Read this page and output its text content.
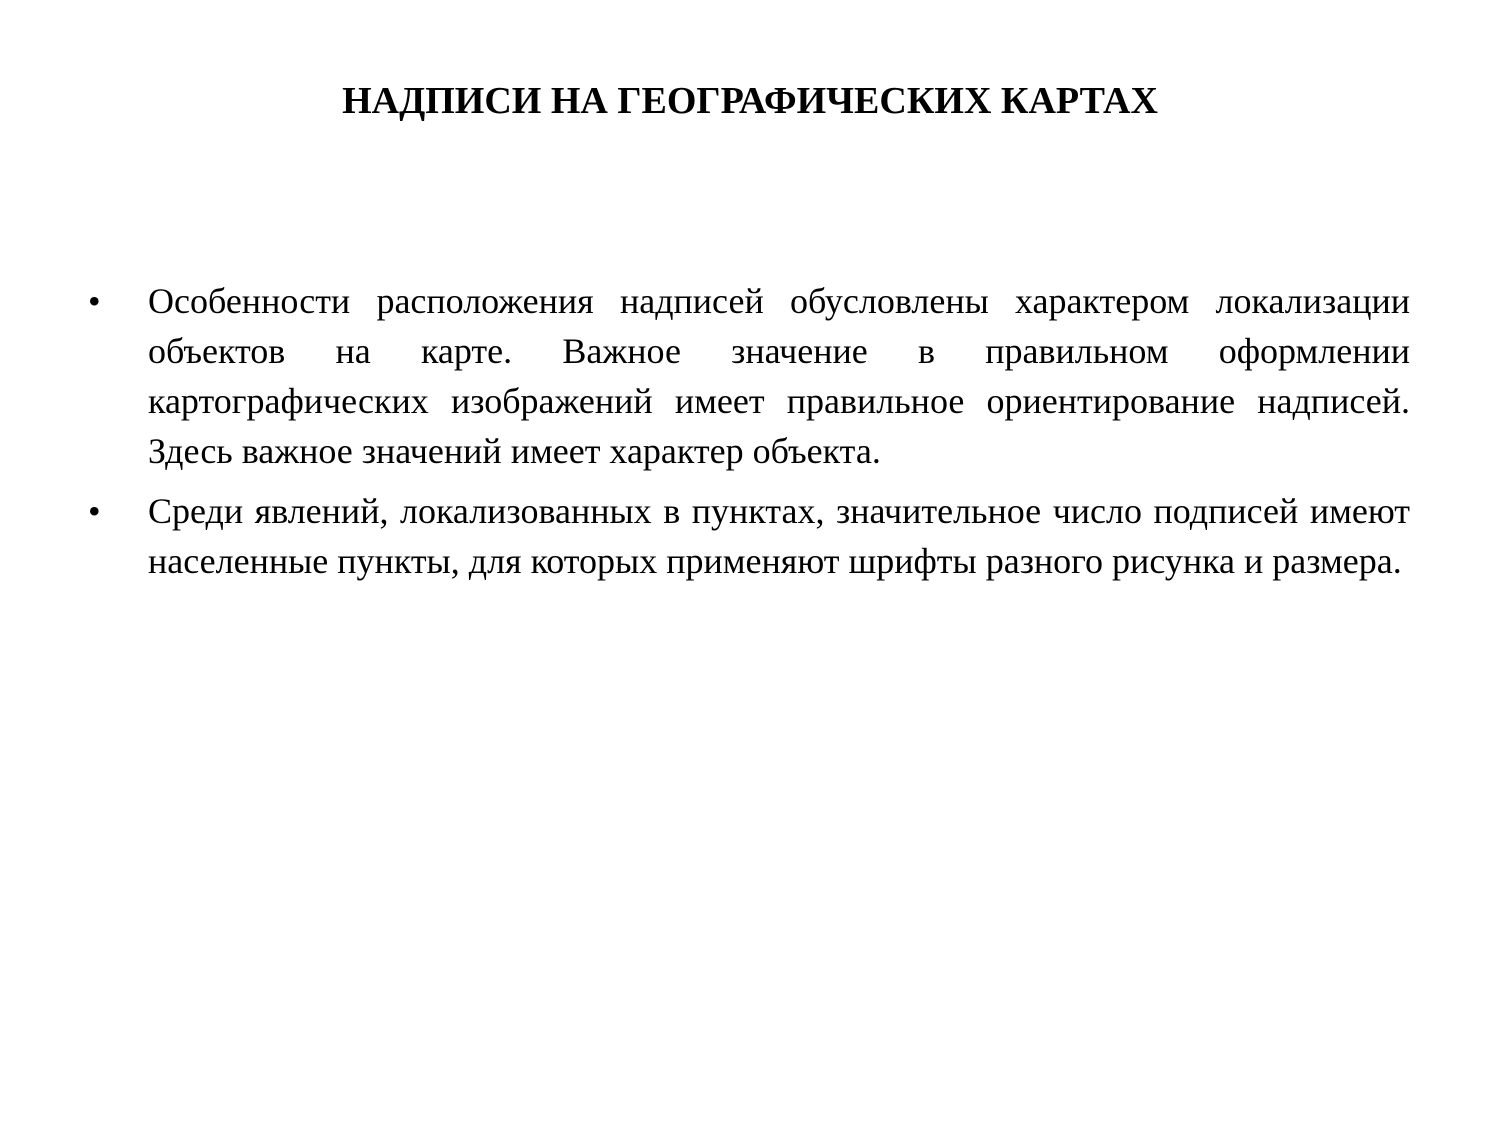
НАДПИСИ НА ГЕОГРАФИЧЕСКИХ КАРТАХ
• Особенности расположения надписей обусловлены характером локализации объектов на карте. Важное значение в правильном оформлении картографических изображений имеет правильное ориентирование надписей. Здесь важное значений имеет характер объекта.
• Среди явлений, локализованных в пунктах, значительное число подписей имеют населенные пункты, для которых применяют шрифты разного рисунка и размера.
